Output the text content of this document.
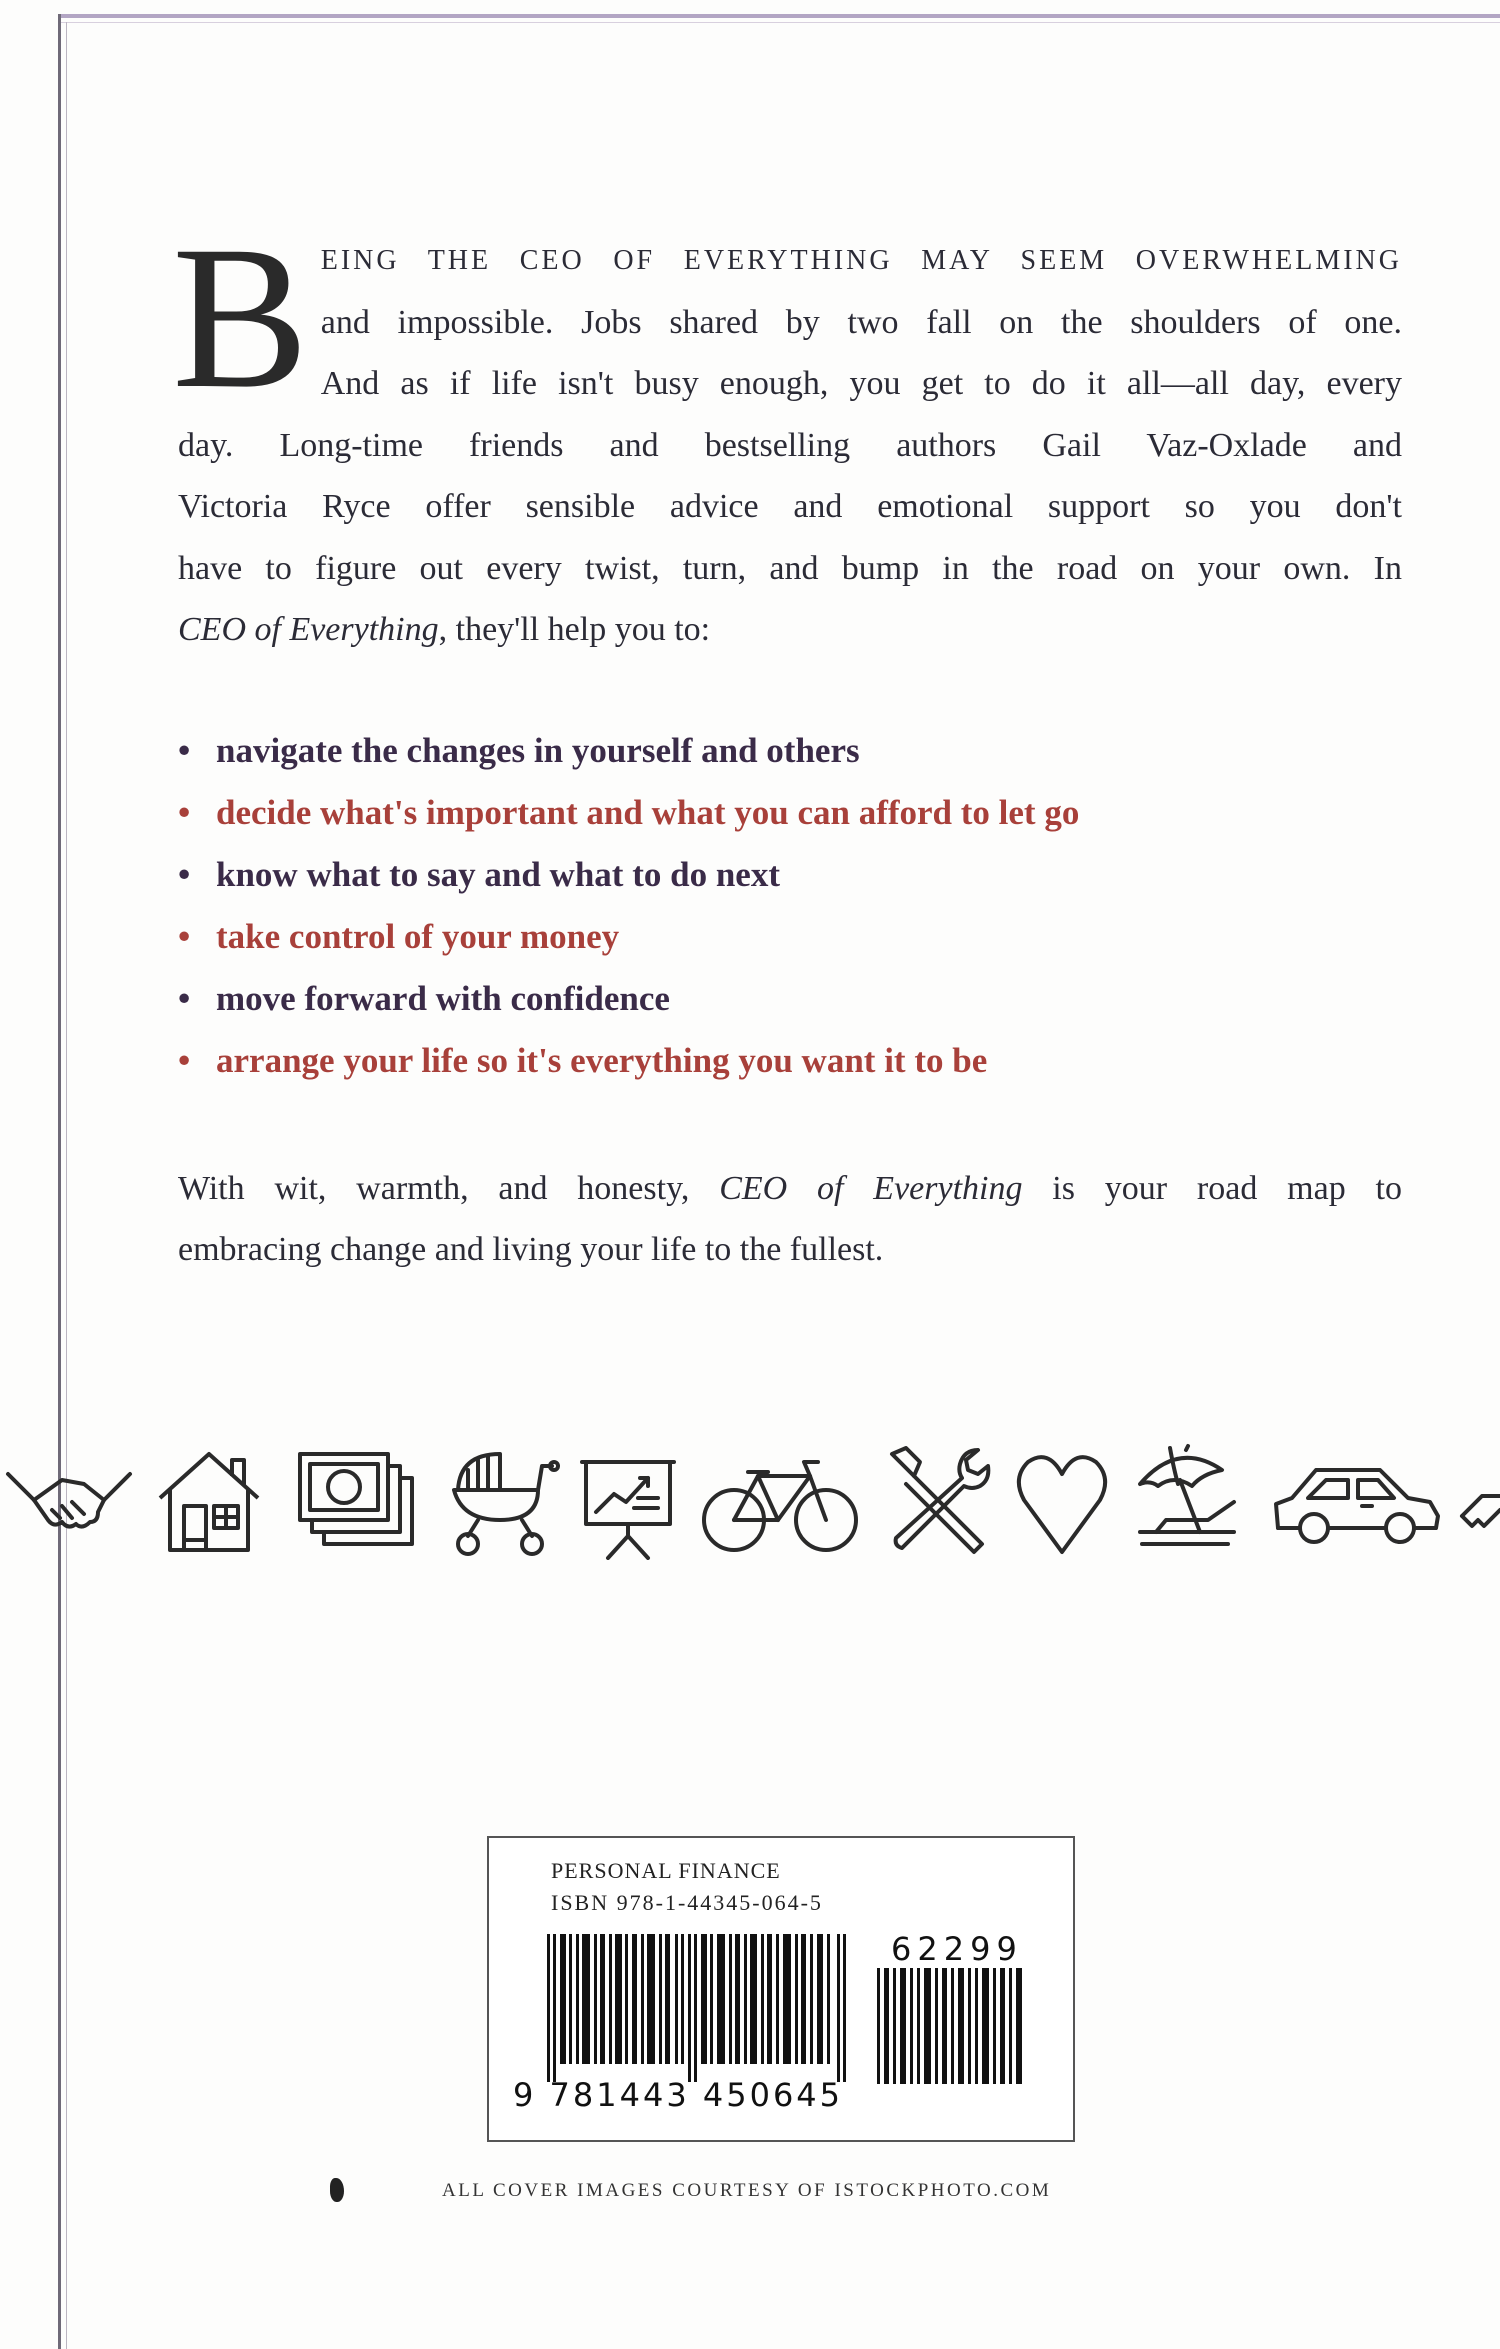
B EING THE CEO OF EVERYTHING MAY SEEM OVERWHELMING
and impossible. Jobs shared by two fall on the shoulders of one.
And as if life isn't busy enough, you get to do it all—all day, every
day. Long-time friends and bestselling authors Gail Vaz-Oxlade and
Victoria Ryce offer sensible advice and emotional support so you don't
have to figure out every twist, turn, and bump in the road on your own. In
CEO of Everything, they'll help you to:
• navigate the changes in yourself and others
• decide what's important and what you can afford to let go
• know what to say and what to do next
• take control of your money
• move forward with confidence
• arrange your life so it's everything you want it to be
With wit, warmth, and honesty, CEO of Everything is your road map to
embracing change and living your life to the fullest.
PERSONAL FINANCE
ISBN 978-1-44345-064-5
62299
9 781443 450645
ALL COVER IMAGES COURTESY OF ISTOCKPHOTO.COM
